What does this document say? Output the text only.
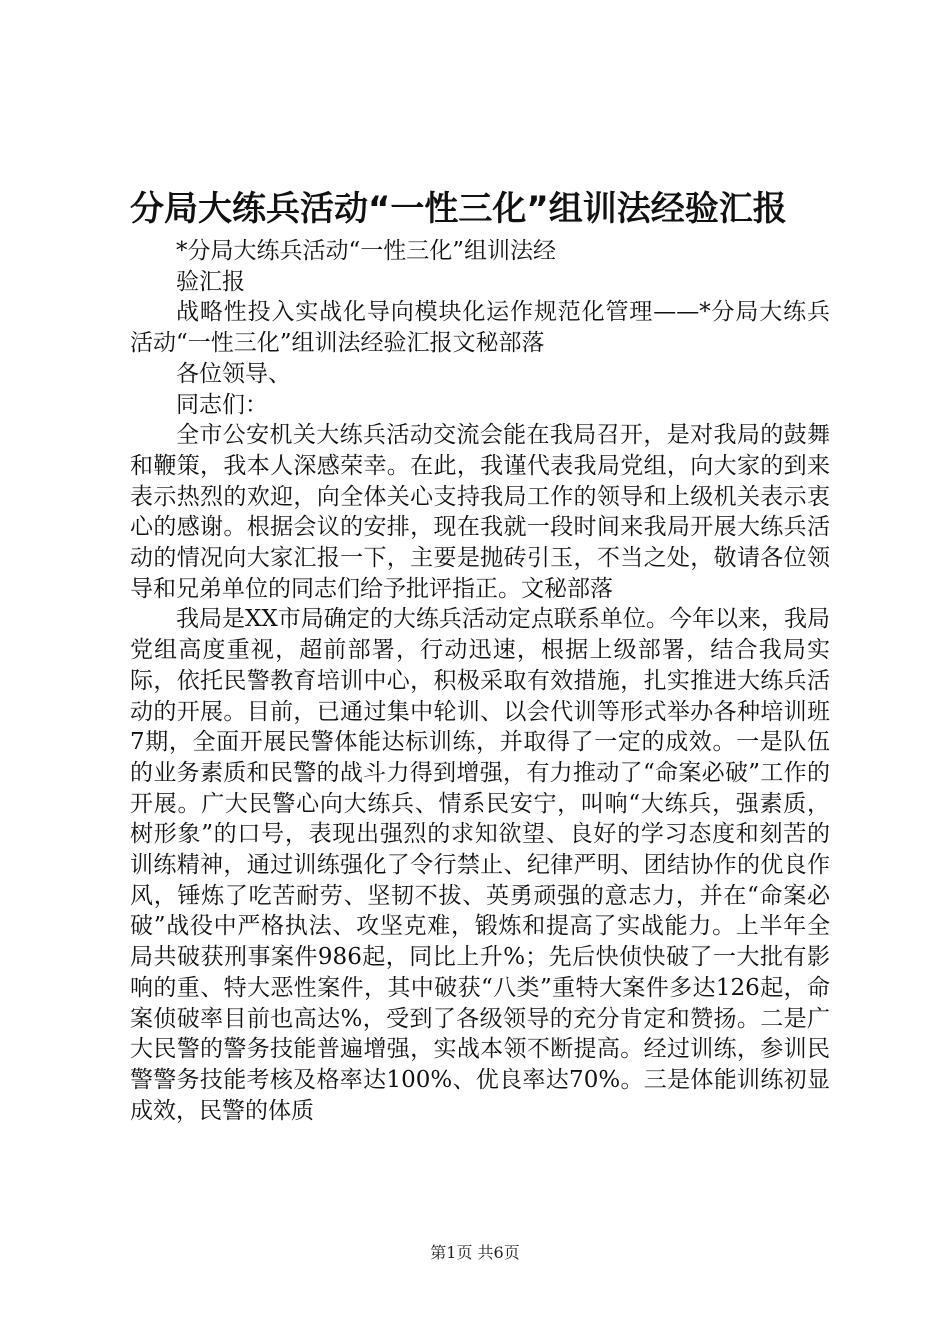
分局大练兵活动“一性三化”组训法经验汇报

*分局大练兵活动“一性三化”组训法经

验汇报

战略性投入实战化导向模块化运作规范化管理——*分局大练兵活动“一性三化”组训法经验汇报文秘部落

各位领导、

同志们：

全市公安机关大练兵活动交流会能在我局召开，是对我局的鼓舞和鞭策，我本人深感荣幸。在此，我谨代表我局党组，向大家的到来表示热烈的欢迎，向全体关心支持我局工作的领导和上级机关表示衷心的感谢。根据会议的安排，现在我就一段时间来我局开展大练兵活动的情况向大家汇报一下，主要是抛砖引玉，不当之处，敬请各位领导和兄弟单位的同志们给予批评指正。文秘部落

我局是XX市局确定的大练兵活动定点联系单位。今年以来，我局党组高度重视，超前部署，行动迅速，根据上级部署，结合我局实际，依托民警教育培训中心，积极采取有效措施，扎实推进大练兵活动的开展。目前，已通过集中轮训、以会代训等形式举办各种培训班7期，全面开展民警体能达标训练，并取得了一定的成效。一是队伍的业务素质和民警的战斗力得到增强，有力推动了“命案必破”工作的开展。广大民警心向大练兵、情系民安宁，叫响“大练兵，强素质，树形象”的口号，表现出强烈的求知欲望、良好的学习态度和刻苦的训练精神，通过训练强化了令行禁止、纪律严明、团结协作的优良作风，锤炼了吃苦耐劳、坚韧不拔、英勇顽强的意志力，并在“命案必破”战役中严格执法、攻坚克难，锻炼和提高了实战能力。上半年全局共破获刑事案件986起，同比上升%；先后快侦快破了一大批有影响的重、特大恶性案件，其中破获“八类”重特大案件多达126起，命案侦破率目前也高达%，受到了各级领导的充分肯定和赞扬。二是广大民警的警务技能普遍增强，实战本领不断提高。经过训练，参训民警警务技能考核及格率达100%、优良率达70%。三是体能训练初显成效，民警的体质

第1页 共6页
